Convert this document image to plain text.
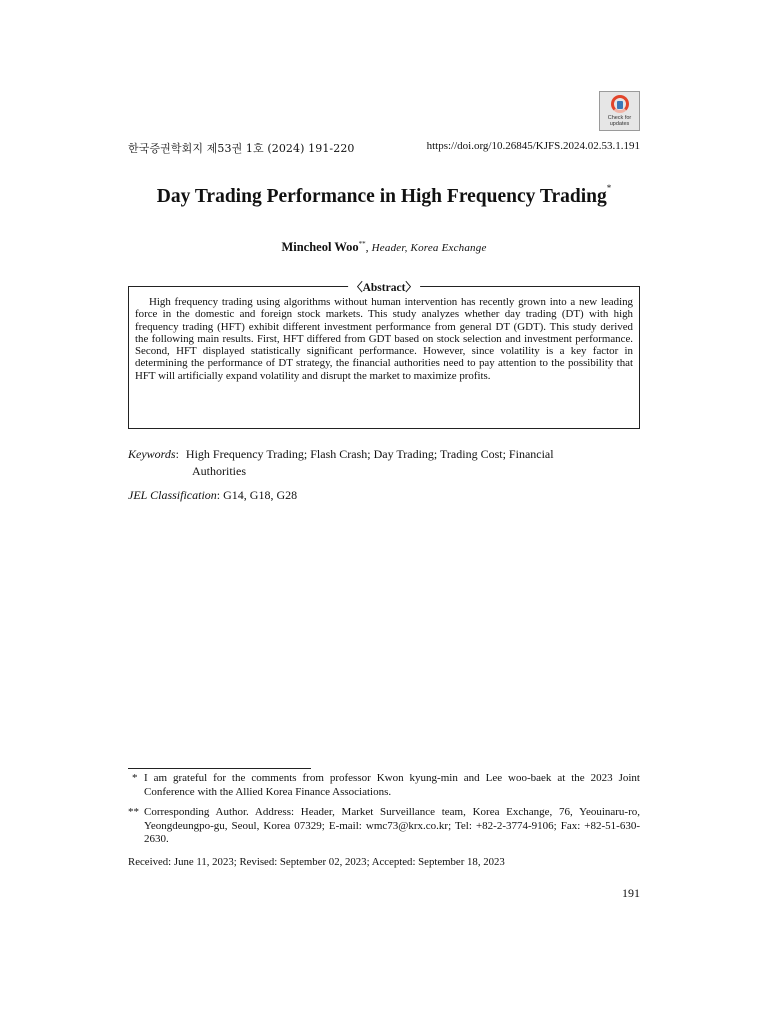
Check for updates
한국증권학회지 제53권 1호 (2024) 191-220	https://doi.org/10.26845/KJFS.2024.02.53.1.191
Day Trading Performance in High Frequency Trading*
Mincheol Woo**, Header, Korea Exchange
〈Abstract〉
High frequency trading using algorithms without human intervention has recently grown into a new leading force in the domestic and foreign stock markets. This study analyzes whether day trading (DT) with high frequency trading (HFT) exhibit different investment performance from general DT (GDT). This study derived the following main results. First, HFT differed from GDT based on stock selection and investment performance. Second, HFT displayed statistically significant performance. However, since volatility is a key factor in determining the performance of DT strategy, the financial authorities need to pay attention to the possibility that HFT will artificially expand volatility and disrupt the market to maximize profits.
Keywords: High Frequency Trading; Flash Crash; Day Trading; Trading Cost; Financial
Authorities
JEL Classification: G14, G18, G28
* I am grateful for the comments from professor Kwon kyung-min and Lee woo-baek at the 2023 Joint Conference with the Allied Korea Finance Associations.
** Corresponding Author. Address: Header, Market Surveillance team, Korea Exchange, 76, Yeouinaru-ro, Yeongdeungpo-gu, Seoul, Korea 07329; E-mail: wmc73@krx.co.kr; Tel: +82-2-3774-9106; Fax: +82-51-630-2630.
Received: June 11, 2023; Revised: September 02, 2023; Accepted: September 18, 2023
191
